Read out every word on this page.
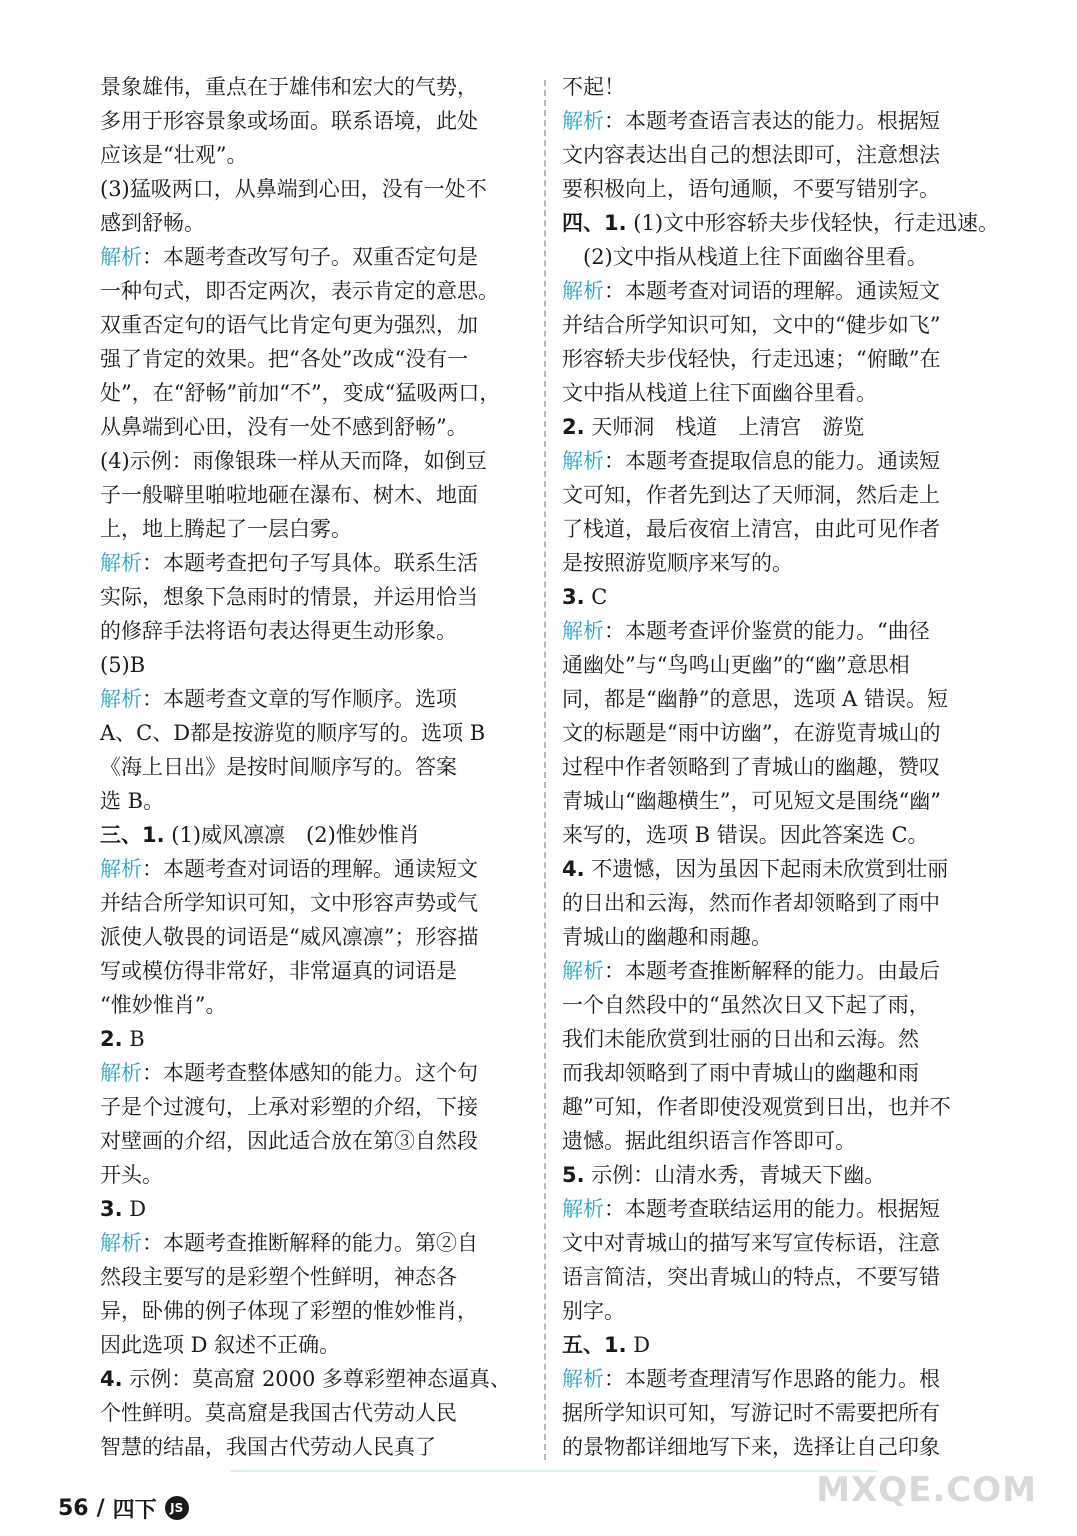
景象雄伟，重点在于雄伟和宏大的气势，
多用于形容景象或场面。联系语境，此处
应该是“壮观”。
(3)猛吸两口，从鼻端到心田，没有一处不
感到舒畅。
解析：本题考查改写句子。双重否定句是
一种句式，即否定两次，表示肯定的意思。
双重否定句的语气比肯定句更为强烈，加
强了肯定的效果。把“各处”改成“没有一
处”，在“舒畅”前加“不”，变成“猛吸两口，
从鼻端到心田，没有一处不感到舒畅”。
(4)示例：雨像银珠一样从天而降，如倒豆
子一般噼里啪啦地砸在瀑布、树木、地面
上，地上腾起了一层白雾。
解析：本题考查把句子写具体。联系生活
实际，想象下急雨时的情景，并运用恰当
的修辞手法将语句表达得更生动形象。
(5)B
解析：本题考查文章的写作顺序。选项
A、C、D都是按游览的顺序写的。选项 B
《海上日出》是按时间顺序写的。答案
选 B。
三、1. (1)威风凛凛　(2)惟妙惟肖
解析：本题考查对词语的理解。通读短文
并结合所学知识可知，文中形容声势或气
派使人敬畏的词语是“威风凛凛”；形容描
写或模仿得非常好，非常逼真的词语是
“惟妙惟肖”。
2. B
解析：本题考查整体感知的能力。这个句
子是个过渡句，上承对彩塑的介绍，下接
对壁画的介绍，因此适合放在第③自然段
开头。
3. D
解析：本题考查推断解释的能力。第②自
然段主要写的是彩塑个性鲜明，神态各
异，卧佛的例子体现了彩塑的惟妙惟肖，
因此选项 D 叙述不正确。
4. 示例：莫高窟 2000 多尊彩塑神态逼真、
个性鲜明。莫高窟是我国古代劳动人民
智慧的结晶，我国古代劳动人民真了
不起！
解析：本题考查语言表达的能力。根据短
文内容表达出自己的想法即可，注意想法
要积极向上，语句通顺，不要写错别字。
四、1. (1)文中形容轿夫步伐轻快，行走迅速。
　(2)文中指从栈道上往下面幽谷里看。
解析：本题考查对词语的理解。通读短文
并结合所学知识可知，文中的“健步如飞”
形容轿夫步伐轻快，行走迅速；“俯瞰”在
文中指从栈道上往下面幽谷里看。
2. 天师洞　栈道　上清宫　游览
解析：本题考查提取信息的能力。通读短
文可知，作者先到达了天师洞，然后走上
了栈道，最后夜宿上清宫，由此可见作者
是按照游览顺序来写的。
3. C
解析：本题考查评价鉴赏的能力。“曲径
通幽处”与“鸟鸣山更幽”的“幽”意思相
同，都是“幽静”的意思，选项 A 错误。短
文的标题是“雨中访幽”，在游览青城山的
过程中作者领略到了青城山的幽趣，赞叹
青城山“幽趣横生”，可见短文是围绕“幽”
来写的，选项 B 错误。因此答案选 C。
4. 不遗憾，因为虽因下起雨未欣赏到壮丽
的日出和云海，然而作者却领略到了雨中
青城山的幽趣和雨趣。
解析：本题考查推断解释的能力。由最后
一个自然段中的“虽然次日又下起了雨，
我们未能欣赏到壮丽的日出和云海。然
而我却领略到了雨中青城山的幽趣和雨
趣”可知，作者即使没观赏到日出，也并不
遗憾。据此组织语言作答即可。
5. 示例：山清水秀，青城天下幽。
解析：本题考查联结运用的能力。根据短
文中对青城山的描写来写宣传标语，注意
语言简洁，突出青城山的特点，不要写错
别字。
五、1. D
解析：本题考查理清写作思路的能力。根
据所学知识可知，写游记时不需要把所有
的景物都详细地写下来，选择让自己印象
56 / 四下	JS	MXQE.COM
